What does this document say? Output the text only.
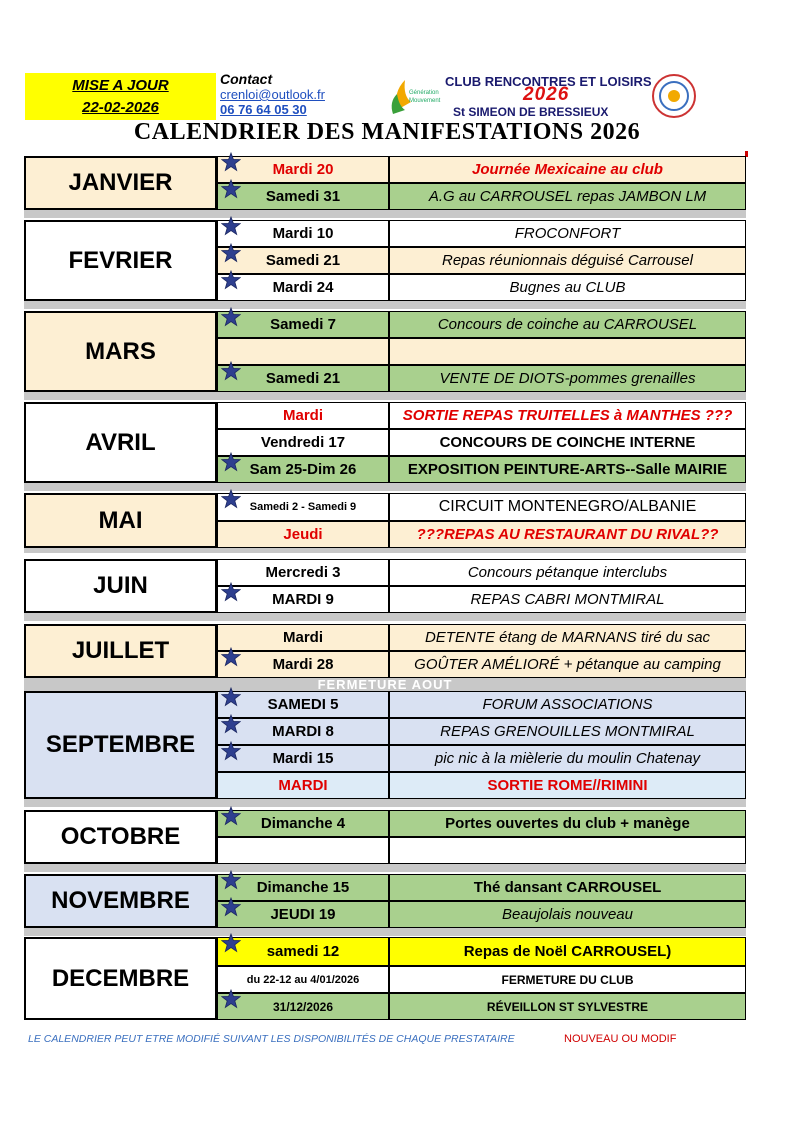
MISE A JOUR
22-02-2026
Contact
crenloi@outlook.fr
06 76 64 05 30
Génération
Mouvement
CLUB RENCONTRES ET LOISIRS
2026
St SIMEON DE BRESSIEUX
CALENDRIER DES MANIFESTATIONS 2026
JANVIER	Mardi 20	Journée Mexicaine au club
Samedi 31	A.G au CARROUSEL repas JAMBON LM
FEVRIER
Mardi 10	FROCONFORT
Samedi 21	Repas réunionnais déguisé Carrousel
Mardi 24	Bugnes au CLUB
MARS
Samedi 7	Concours de coinche au CARROUSEL
Samedi 21	VENTE DE DIOTS-pommes grenailles
AVRIL
Mardi	SORTIE REPAS TRUITELLES à MANTHES ???
Vendredi 17	CONCOURS DE COINCHE INTERNE
Sam 25-Dim 26	EXPOSITION PEINTURE-ARTS--Salle MAIRIE
MAI	Samedi 2 - Samedi 9	CIRCUIT MONTENEGRO/ALBANIE
Jeudi	???REPAS AU RESTAURANT DU RIVAL??
JUIN	Mercredi 3	Concours pétanque interclubs
MARDI 9	REPAS CABRI MONTMIRAL
JUILLET	Mardi	DETENTE étang de MARNANS tiré du sac
Mardi 28	GOÛTER AMÉLIORÉ + pétanque au camping
FERMETURE AOUT
SEPTEMBRE
SAMEDI 5	FORUM ASSOCIATIONS
MARDI 8	REPAS GRENOUILLES MONTMIRAL
Mardi 15	pic nic à la mièlerie du moulin Chatenay
MARDI	SORTIE ROME//RIMINI
OCTOBRE	Dimanche 4	Portes ouvertes du club + manège
NOVEMBRE	Dimanche 15	Thé dansant CARROUSEL
JEUDI 19	Beaujolais nouveau
DECEMBRE
samedi 12	Repas de Noël CARROUSEL)
du 22-12 au 4/01/2026	FERMETURE DU CLUB
31/12/2026	RÉVEILLON ST SYLVESTRE
LE CALENDRIER PEUT ETRE MODIFIÉ SUIVANT LES DISPONIBILITÉS DE CHAQUE PRESTATAIRE	NOUVEAU OU MODIF
